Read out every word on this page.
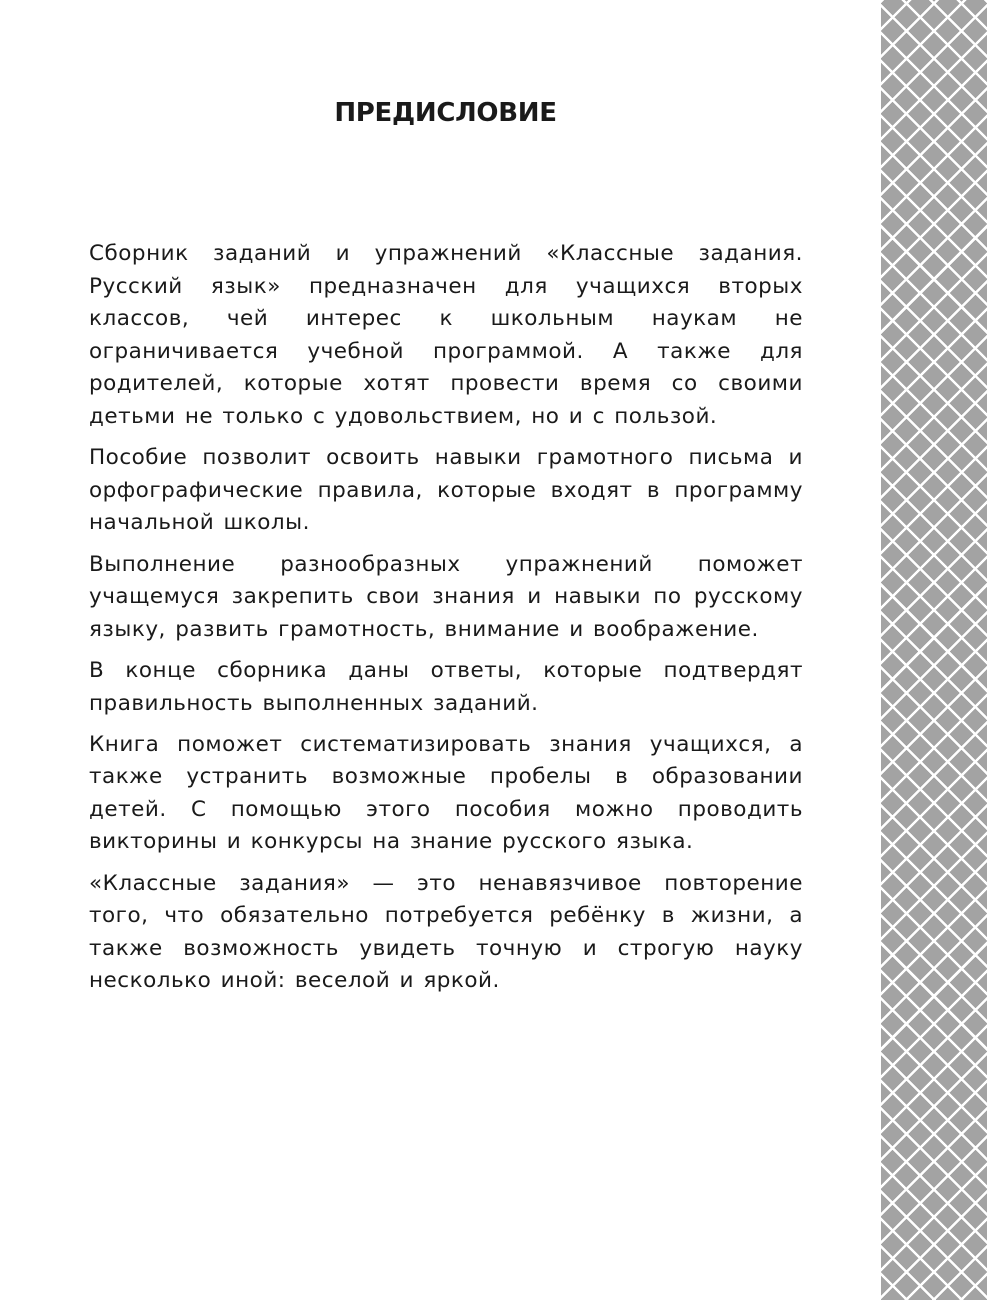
ПРЕДИСЛОВИЕ

Сборник заданий и упражнений «Классные задания. Русский язык» предназначен для учащихся вторых классов, чей интерес к школьным наукам не ограничивается учебной программой. А также для родителей, которые хотят провести время со своими детьми не только с удовольствием, но и с пользой.

Пособие позволит освоить навыки грамотного письма и орфографические правила, которые входят в программу начальной школы.

Выполнение разнообразных упражнений поможет учащемуся закрепить свои знания и навыки по русскому языку, развить грамотность, внимание и воображение.

В конце сборника даны ответы, которые подтвердят правильность выполненных заданий.

Книга поможет систематизировать знания учащихся, а также устранить возможные пробелы в образовании детей. С помощью этого пособия можно проводить викторины и конкурсы на знание русского языка.

«Классные задания» — это ненавязчивое повторение того, что обязательно потребуется ребёнку в жизни, а также возможность увидеть точную и строгую науку несколько иной: веселой и яркой.
